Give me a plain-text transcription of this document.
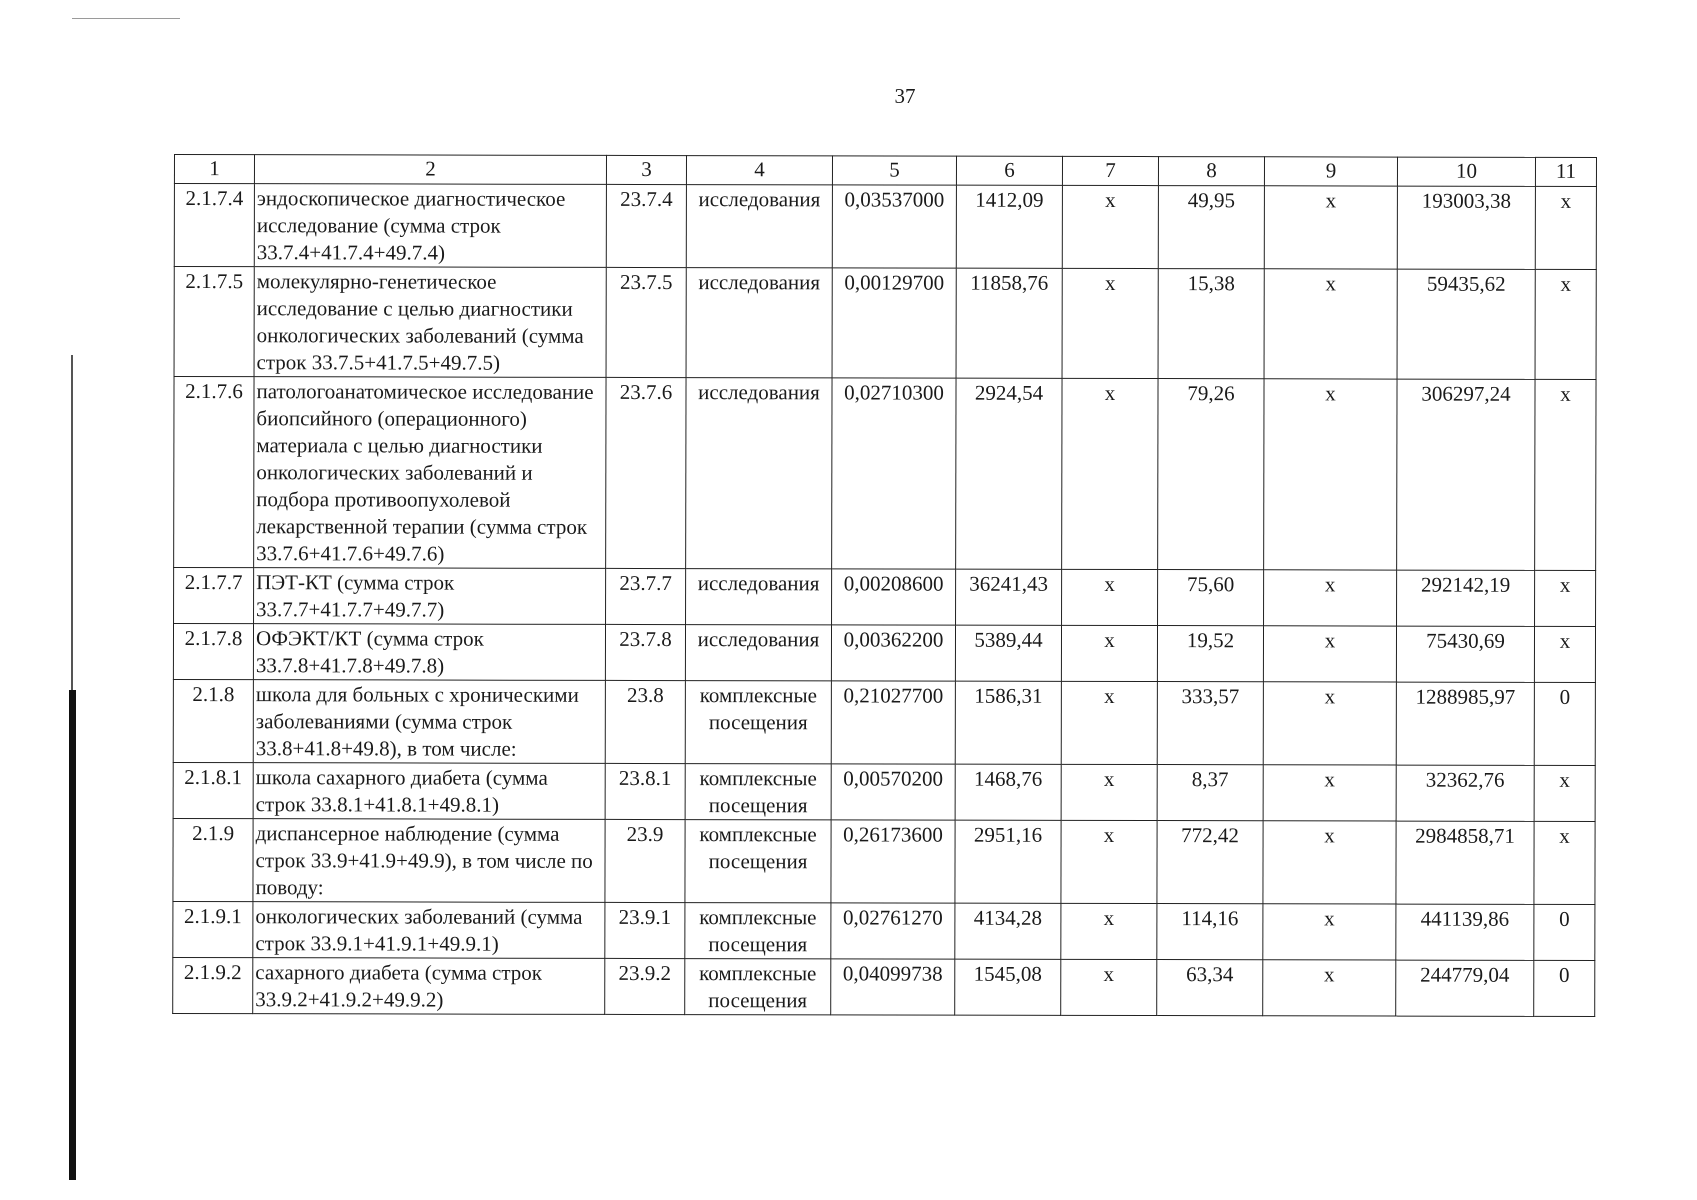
37
1	2	3	4	5	6	7	8	9	10	11
2.1.7.4	эндоскопическое диагностическое исследование (сумма строк 33.7.4+41.7.4+49.7.4)	23.7.4	исследования	0,03537000	1412,09	х	49,95	х	193003,38	х
2.1.7.5	молекулярно-генетическое исследование с целью диагностики онкологических заболеваний (сумма строк 33.7.5+41.7.5+49.7.5)	23.7.5	исследования	0,00129700	11858,76	х	15,38	х	59435,62	х
2.1.7.6	патологоанатомическое исследование биопсийного (операционного) материала с целью диагностики онкологических заболеваний и подбора противоопухолевой лекарственной терапии (сумма строк 33.7.6+41.7.6+49.7.6)	23.7.6	исследования	0,02710300	2924,54	х	79,26	х	306297,24	х
2.1.7.7	ПЭТ-КТ (сумма строк 33.7.7+41.7.7+49.7.7)	23.7.7	исследования	0,00208600	36241,43	х	75,60	х	292142,19	х
2.1.7.8	ОФЭКТ/КТ (сумма строк 33.7.8+41.7.8+49.7.8)	23.7.8	исследования	0,00362200	5389,44	х	19,52	х	75430,69	х
2.1.8	школа для больных с хроническими заболеваниями (сумма строк 33.8+41.8+49.8), в том числе:	23.8	комплексные посещения	0,21027700	1586,31	х	333,57	х	1288985,97	0
2.1.8.1	школа сахарного диабета (сумма строк 33.8.1+41.8.1+49.8.1)	23.8.1	комплексные посещения	0,00570200	1468,76	х	8,37	х	32362,76	х
2.1.9	диспансерное наблюдение (сумма строк 33.9+41.9+49.9), в том числе по поводу:	23.9	комплексные посещения	0,26173600	2951,16	х	772,42	х	2984858,71	х
2.1.9.1	онкологических заболеваний (сумма строк 33.9.1+41.9.1+49.9.1)	23.9.1	комплексные посещения	0,02761270	4134,28	х	114,16	х	441139,86	0
2.1.9.2	сахарного диабета (сумма строк 33.9.2+41.9.2+49.9.2)	23.9.2	комплексные посещения	0,04099738	1545,08	х	63,34	х	244779,04	0
